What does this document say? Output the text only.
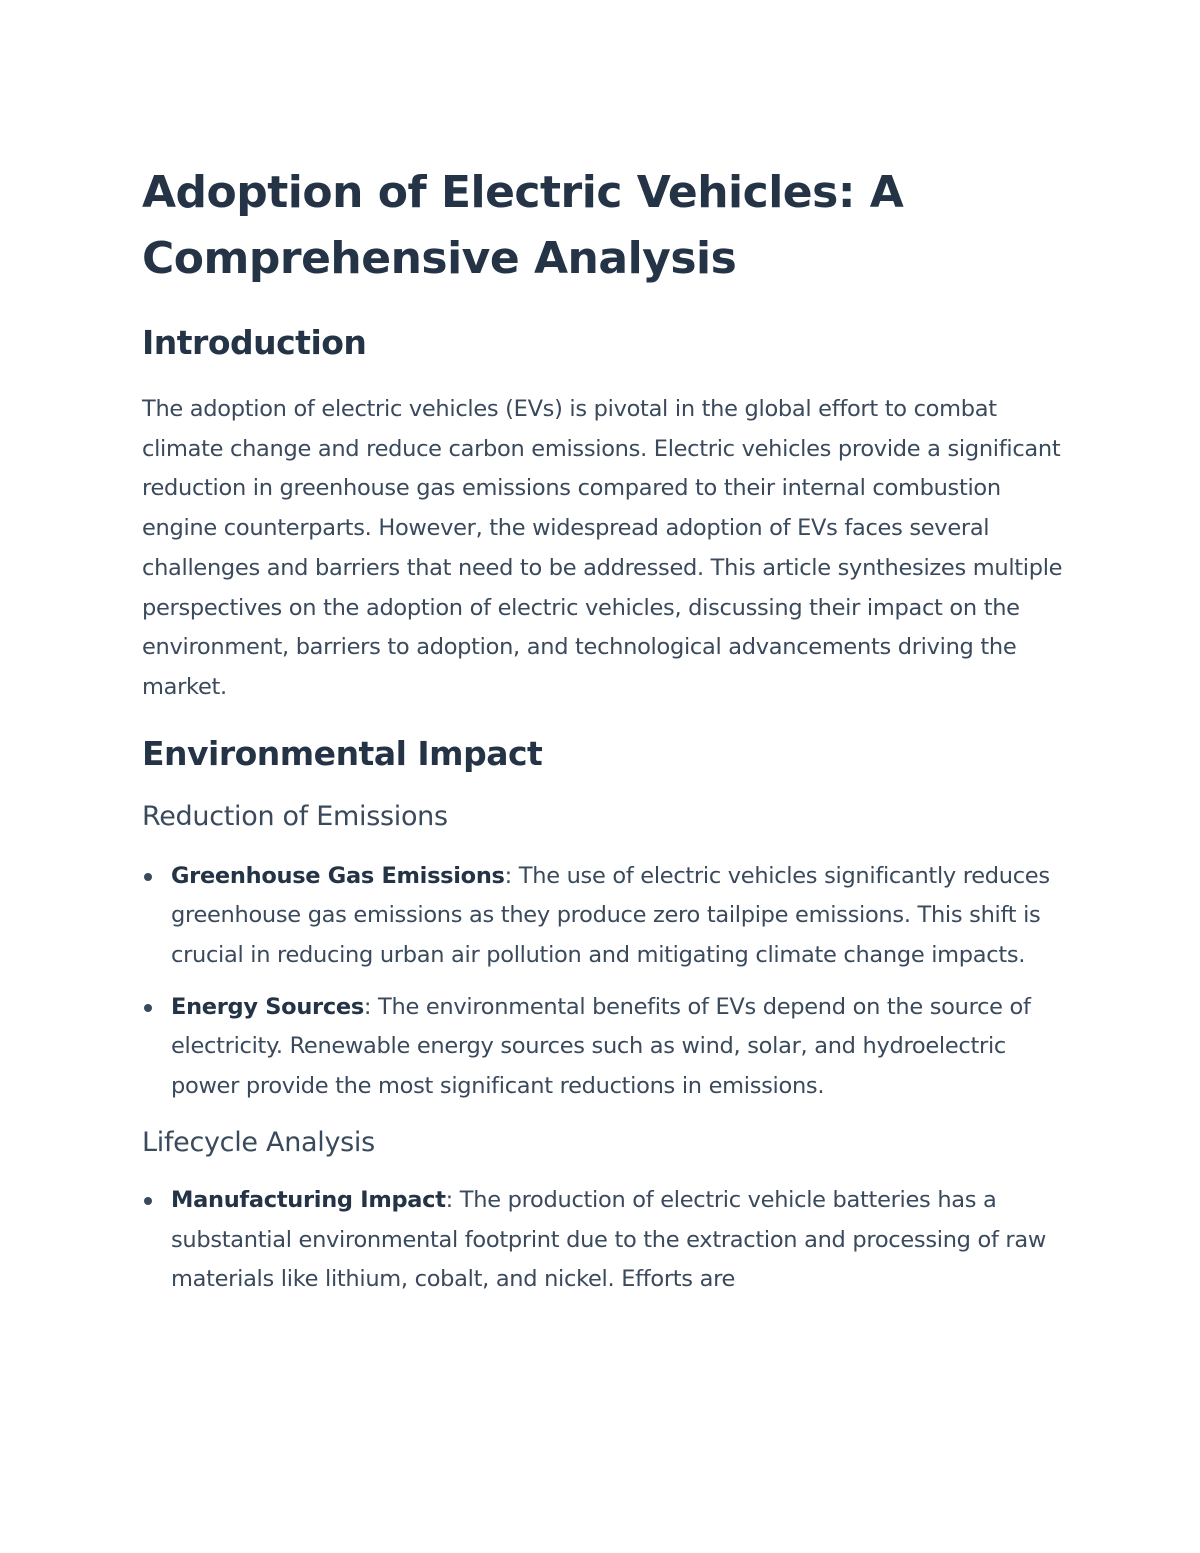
Adoption of Electric Vehicles: A Comprehensive Analysis
Introduction

The adoption of electric vehicles (EVs) is pivotal in the global effort to combat climate change and reduce carbon emissions. Electric vehicles provide a significant reduction in greenhouse gas emissions compared to their internal combustion engine counterparts. However, the widespread adoption of EVs faces several challenges and barriers that need to be addressed. This article synthesizes multiple perspectives on the adoption of electric vehicles, discussing their impact on the environment, barriers to adoption, and technological advancements driving the market.

Environmental Impact
Reduction of Emissions
Greenhouse Gas Emissions: The use of electric vehicles significantly reduces greenhouse gas emissions as they produce zero tailpipe emissions. This shift is crucial in reducing urban air pollution and mitigating climate change impacts.
Energy Sources: The environmental benefits of EVs depend on the source of electricity. Renewable energy sources such as wind, solar, and hydroelectric power provide the most significant reductions in emissions.
Lifecycle Analysis
Manufacturing Impact: The production of electric vehicle batteries has a substantial environmental footprint due to the extraction and processing of raw materials like lithium, cobalt, and nickel. Efforts are
